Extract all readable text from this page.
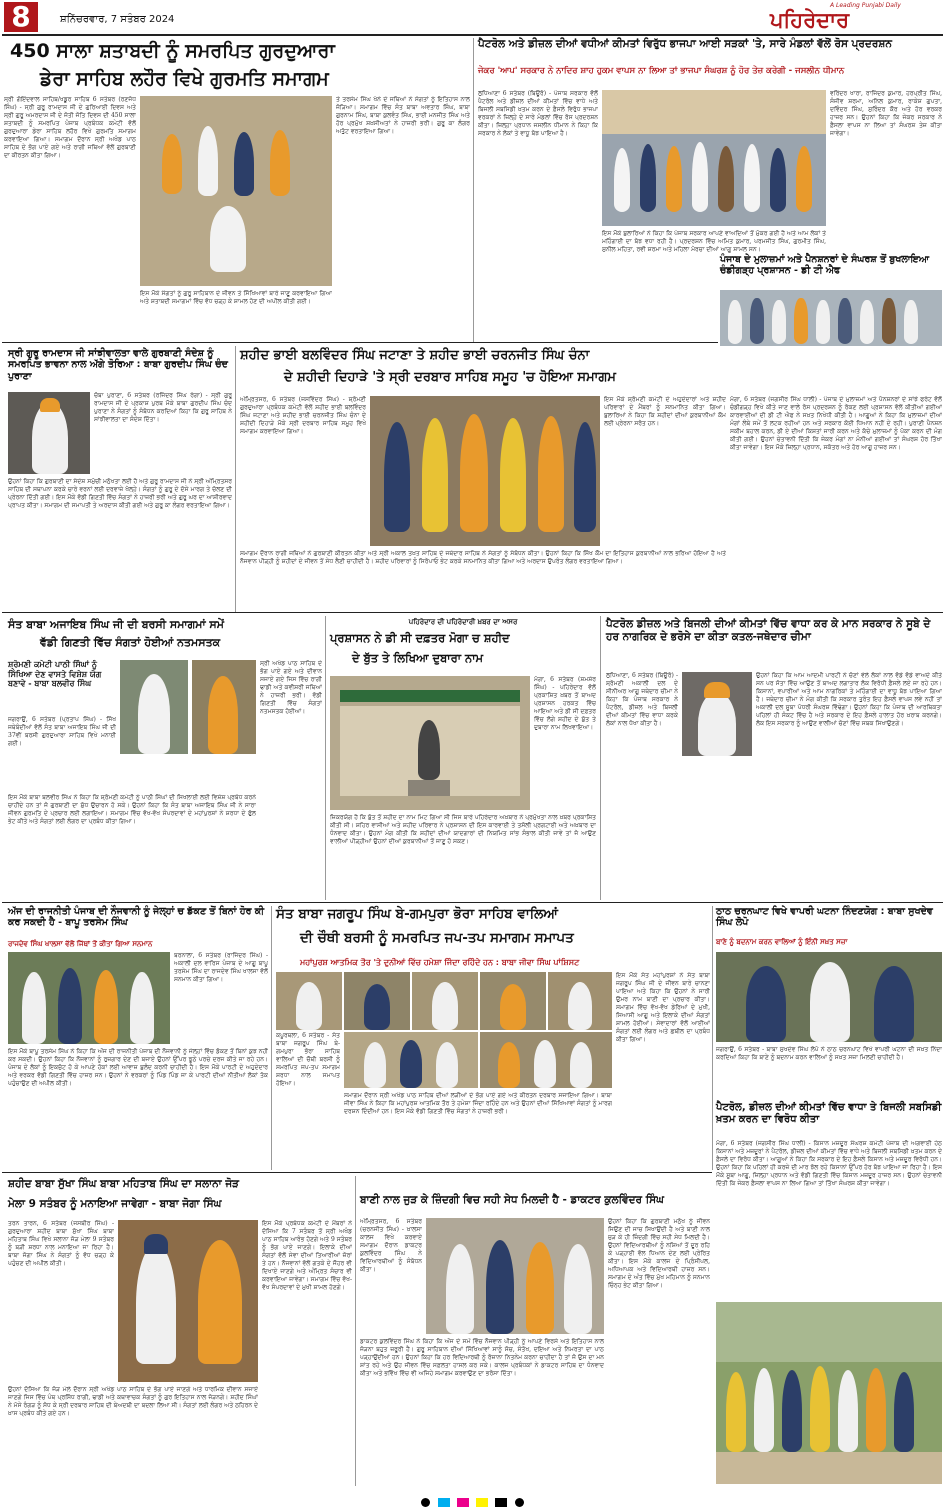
8	ਸ਼ਨਿੱਚਰਵਾਰ, 7 ਸਤੰਬਰ 2024
A Leading Punjabi Daily
ਪਹਿਰੇਦਾਰ
450 ਸਾਲਾ ਸ਼ਤਾਬਦੀ ਨੂੰ ਸਮਰਪਿਤ ਗੁਰਦੁਆਰਾ
ਡੇਰਾ ਸਾਹਿਬ ਲਹੌਰ ਵਿਖੇ ਗੁਰਮਤਿ ਸਮਾਗਮ
ਸ੍ਰੀ ਗੋਇੰਦਵਾਲ ਸਾਹਿਬ/ਖਡੂਰ ਸਾਹਿਬ 6 ਸਤੰਬਰ (ਰਣਜੋਧ ਸਿੰਘ) - ਸ੍ਰੀ ਗੁਰੂ ਰਾਮਦਾਸ ਜੀ ਦੇ ਗੁਰਿਆਈ ਦਿਵਸ ਅਤੇ ਸ੍ਰੀ ਗੁਰੂ ਅਮਰਦਾਸ ਜੀ ਦੇ ਜੋਤੀ ਜੋਤਿ ਦਿਵਸ ਦੀ 450 ਸਾਲਾ ਸ਼ਤਾਬਦੀ ਨੂੰ ਸਮਰਪਿਤ ਪੰਜਾਬ ਪ੍ਰਬੰਧਕ ਕਮੇਟੀ ਵੱਲੋਂ ਗੁਰਦੁਆਰਾ ਡੇਰਾ ਸਾਹਿਬ ਲਹੌਰ ਵਿਖੇ ਗੁਰਮਤਿ ਸਮਾਗਮ ਕਰਵਾਇਆ ਗਿਆ। ਸਮਾਗਮ ਦੌਰਾਨ ਸ੍ਰੀ ਅਖੰਡ ਪਾਠ ਸਾਹਿਬ ਦੇ ਭੋਗ ਪਾਏ ਗਏ ਅਤੇ ਰਾਗੀ ਜਥਿਆਂ ਵੱਲੋਂ ਗੁਰਬਾਣੀ ਦਾ ਕੀਰਤਨ ਕੀਤਾ ਗਿਆ।
ਤੇ ਤਰਸੇਮ ਸਿੰਘ ਖੰਨੇ ਦੇ ਜਥਿਆਂ ਨੇ ਸੰਗਤਾਂ ਨੂੰ ਇਤਿਹਾਸ ਨਾਲ ਜੋੜਿਆ। ਸਮਾਗਮ ਵਿੱਚ ਸੰਤ ਬਾਬਾ ਅਵਤਾਰ ਸਿੰਘ, ਬਾਬਾ ਗੁਰਨਾਮ ਸਿੰਘ, ਬਾਬਾ ਕੁਲਵੰਤ ਸਿੰਘ, ਭਾਈ ਮਨਜੀਤ ਸਿੰਘ ਅਤੇ ਹੋਰ ਪ੍ਰਮੁੱਖ ਸ਼ਖ਼ਸੀਅਤਾਂ ਨੇ ਹਾਜ਼ਰੀ ਭਰੀ। ਗੁਰੂ ਕਾ ਲੰਗਰ ਅਤੁੱਟ ਵਰਤਾਇਆ ਗਿਆ।
ਇਸ ਮੌਕੇ ਸੰਗਤਾਂ ਨੂੰ ਗੁਰੂ ਸਾਹਿਬਾਨ ਦੇ ਜੀਵਨ ਤੇ ਸਿੱਖਿਆਵਾਂ ਬਾਰੇ ਜਾਣੂ ਕਰਵਾਇਆ ਗਿਆ ਅਤੇ ਸ਼ਤਾਬਦੀ ਸਮਾਗਮਾਂ ਵਿੱਚ ਵੱਧ ਚੜ੍ਹ ਕੇ ਸ਼ਾਮਲ ਹੋਣ ਦੀ ਅਪੀਲ ਕੀਤੀ ਗਈ।
ਪੈਟਰੋਲ ਅਤੇ ਡੀਜ਼ਲ ਦੀਆਂ ਵਧੀਆਂ ਕੀਮਤਾਂ ਵਿਰੁੱਧ ਭਾਜਪਾ ਆਈ ਸੜਕਾਂ 'ਤੇ, ਸਾਰੇ ਮੰਡਲਾਂ ਵੱਲੋਂ ਰੋਸ ਪ੍ਰਦਰਸ਼ਨ
ਜੇਕਰ 'ਆਪ' ਸਰਕਾਰ ਨੇ ਨਾਦਿਰ ਸ਼ਾਹ ਹੁਕਮ ਵਾਪਸ ਨਾ ਲਿਆ ਤਾਂ ਭਾਜਪਾ ਸੰਘਰਸ਼ ਨੂੰ ਹੋਰ ਤੇਜ਼ ਕਰੇਗੀ - ਜਸਲੀਨ ਧੀਮਾਨ
ਲੁਧਿਆਣਾ 6 ਸਤੰਬਰ (ਬਿਊਰੋ) - ਪੰਜਾਬ ਸਰਕਾਰ ਵੱਲੋਂ ਪੈਟਰੋਲ ਅਤੇ ਡੀਜ਼ਲ ਦੀਆਂ ਕੀਮਤਾਂ ਵਿੱਚ ਵਾਧੇ ਅਤੇ ਬਿਜਲੀ ਸਬਸਿਡੀ ਖ਼ਤਮ ਕਰਨ ਦੇ ਫ਼ੈਸਲੇ ਵਿਰੁੱਧ ਭਾਜਪਾ ਵਰਕਰਾਂ ਨੇ ਜ਼ਿਲ੍ਹੇ ਦੇ ਸਾਰੇ ਮੰਡਲਾਂ ਵਿੱਚ ਰੋਸ ਪ੍ਰਦਰਸ਼ਨ ਕੀਤਾ। ਜ਼ਿਲ੍ਹਾ ਪ੍ਰਧਾਨ ਜਸਲੀਨ ਧੀਮਾਨ ਨੇ ਕਿਹਾ ਕਿ ਸਰਕਾਰ ਨੇ ਲੋਕਾਂ ਤੇ ਵਾਧੂ ਬੋਝ ਪਾਇਆ ਹੈ।
ਵਰਿੰਦਰ ਖਾਰਾ, ਰਾਜਿੰਦਰ ਕੁਮਾਰ, ਹਰਪ੍ਰੀਤ ਸਿੰਘ, ਸੰਜੀਵ ਸ਼ਰਮਾ, ਅਨਿਲ ਕੁਮਾਰ, ਰਾਕੇਸ਼ ਗੁਪਤਾ, ਦਵਿੰਦਰ ਸਿੰਘ, ਸੁਰਿੰਦਰ ਕੌਰ ਅਤੇ ਹੋਰ ਵਰਕਰ ਹਾਜ਼ਰ ਸਨ। ਉਹਨਾਂ ਕਿਹਾ ਕਿ ਜੇਕਰ ਸਰਕਾਰ ਨੇ ਫ਼ੈਸਲਾ ਵਾਪਸ ਨਾ ਲਿਆ ਤਾਂ ਸੰਘਰਸ਼ ਤੇਜ਼ ਕੀਤਾ ਜਾਵੇਗਾ।
ਇਸ ਮੌਕੇ ਬੁਲਾਰਿਆਂ ਨੇ ਕਿਹਾ ਕਿ ਪੰਜਾਬ ਸਰਕਾਰ ਆਪਣੇ ਵਾਅਦਿਆਂ ਤੋਂ ਮੁੱਕਰ ਗਈ ਹੈ ਅਤੇ ਆਮ ਲੋਕਾਂ ਤੇ ਮਹਿੰਗਾਈ ਦਾ ਬੋਝ ਵਧਾ ਰਹੀ ਹੈ। ਪ੍ਰਦਰਸ਼ਨ ਵਿੱਚ ਅਮਿਤ ਕੁਮਾਰ, ਪਰਮਜੀਤ ਸਿੰਘ, ਗੁਰਮੀਤ ਸਿੰਘ, ਸੁਨੀਲ ਮਹਿਤਾ, ਰਵੀ ਸ਼ਰਮਾ ਅਤੇ ਮਹਿਲਾ ਮੋਰਚਾ ਦੀਆਂ ਆਗੂ ਸ਼ਾਮਲ ਸਨ।
ਪੰਜਾਬ ਦੇ ਮੁਲਾਜ਼ਮਾਂ ਅਤੇ ਪੈਨਸ਼ਨਰਾਂ ਦੇ ਸੰਘਰਸ਼ ਤੋਂ ਬੁਖਲਾਇਆ ਚੰਡੀਗੜ੍ਹ ਪ੍ਰਸ਼ਾਸਨ - ਡੀ ਟੀ ਐਫ
ਸ੍ਰੀ ਗੁਰੂ ਰਾਮਦਾਸ ਜੀ ਸਾਂਝੀਵਾਲਤਾ ਵਾਲੇ ਗੁਰਬਾਣੀ ਸੰਦੇਸ਼ ਨੂੰ ਸਮਰਪਿਤ ਭਾਵਨਾ ਨਾਲ ਅੱਗੇ ਤੋਰਿਆ : ਬਾਬਾ ਗੁਰਦੀਪ ਸਿੰਘ ਚੰਦ ਪੁਰਾਣਾ
ਚੱਬਾ ਪੁਰਾਣਾ, 6 ਸਤੰਬਰ (ਰਜਿੰਦਰ ਸਿੰਘ ਰੰਗਾ) - ਸ੍ਰੀ ਗੁਰੂ ਰਾਮਦਾਸ ਜੀ ਦੇ ਪ੍ਰਕਾਸ਼ ਪੁਰਬ ਮੌਕੇ ਬਾਬਾ ਗੁਰਦੀਪ ਸਿੰਘ ਚੰਦ ਪੁਰਾਣਾ ਨੇ ਸੰਗਤਾਂ ਨੂੰ ਸੰਬੋਧਨ ਕਰਦਿਆਂ ਕਿਹਾ ਕਿ ਗੁਰੂ ਸਾਹਿਬ ਨੇ ਸਾਂਝੀਵਾਲਤਾ ਦਾ ਸੰਦੇਸ਼ ਦਿੱਤਾ।
ਉਹਨਾਂ ਕਿਹਾ ਕਿ ਗੁਰਬਾਣੀ ਦਾ ਸੰਦੇਸ਼ ਸਮੁੱਚੀ ਮਨੁੱਖਤਾ ਲਈ ਹੈ ਅਤੇ ਗੁਰੂ ਰਾਮਦਾਸ ਜੀ ਨੇ ਸ੍ਰੀ ਅੰਮ੍ਰਿਤਸਰ ਸਾਹਿਬ ਦੀ ਸਥਾਪਨਾ ਕਰਕੇ ਚਾਰੇ ਵਰਨਾਂ ਲਈ ਦਰਵਾਜ਼ੇ ਖੋਲ੍ਹੇ। ਸੰਗਤਾਂ ਨੂੰ ਗੁਰੂ ਦੇ ਦੱਸੇ ਮਾਰਗ ਤੇ ਚੱਲਣ ਦੀ ਪ੍ਰੇਰਨਾ ਦਿੱਤੀ ਗਈ। ਇਸ ਮੌਕੇ ਵੱਡੀ ਗਿਣਤੀ ਵਿੱਚ ਸੰਗਤਾਂ ਨੇ ਹਾਜ਼ਰੀ ਭਰੀ ਅਤੇ ਗੁਰੂ ਘਰ ਦਾ ਆਸ਼ੀਰਵਾਦ ਪ੍ਰਾਪਤ ਕੀਤਾ। ਸਮਾਗਮ ਦੀ ਸਮਾਪਤੀ ਤੇ ਅਰਦਾਸ ਕੀਤੀ ਗਈ ਅਤੇ ਗੁਰੂ ਕਾ ਲੰਗਰ ਵਰਤਾਇਆ ਗਿਆ।
ਸ਼ਹੀਦ ਭਾਈ ਬਲਵਿੰਦਰ ਸਿੰਘ ਜਟਾਣਾ ਤੇ ਸ਼ਹੀਦ ਭਾਈ ਚਰਨਜੀਤ ਸਿੰਘ ਚੰਨਾ
ਦੇ ਸ਼ਹੀਦੀ ਦਿਹਾੜੇ 'ਤੇ ਸ੍ਰੀ ਦਰਬਾਰ ਸਾਹਿਬ ਸਮੂਹ 'ਚ ਹੋਇਆ ਸਮਾਗਮ
ਅੰਮ੍ਰਿਤਸਰ, 6 ਸਤੰਬਰ (ਜਸਵਿੰਦਰ ਸਿੰਘ) - ਸ਼੍ਰੋਮਣੀ ਗੁਰਦੁਆਰਾ ਪ੍ਰਬੰਧਕ ਕਮੇਟੀ ਵੱਲੋਂ ਸ਼ਹੀਦ ਭਾਈ ਬਲਵਿੰਦਰ ਸਿੰਘ ਜਟਾਣਾ ਅਤੇ ਸ਼ਹੀਦ ਭਾਈ ਚਰਨਜੀਤ ਸਿੰਘ ਚੰਨਾ ਦੇ ਸ਼ਹੀਦੀ ਦਿਹਾੜੇ ਮੌਕੇ ਸ੍ਰੀ ਦਰਬਾਰ ਸਾਹਿਬ ਸਮੂਹ ਵਿਖੇ ਸਮਾਗਮ ਕਰਵਾਇਆ ਗਿਆ।
ਇਸ ਮੌਕੇ ਸ਼੍ਰੋਮਣੀ ਕਮੇਟੀ ਦੇ ਅਹੁਦੇਦਾਰਾਂ ਅਤੇ ਸ਼ਹੀਦ ਪਰਿਵਾਰਾਂ ਦੇ ਮੈਂਬਰਾਂ ਨੂੰ ਸਨਮਾਨਿਤ ਕੀਤਾ ਗਿਆ। ਬੁਲਾਰਿਆਂ ਨੇ ਕਿਹਾ ਕਿ ਸ਼ਹੀਦਾਂ ਦੀਆਂ ਕੁਰਬਾਨੀਆਂ ਕੌਮ ਲਈ ਪ੍ਰੇਰਨਾ ਸਰੋਤ ਹਨ।
ਮੋਗਾ, 6 ਸਤੰਬਰ (ਜਗਸੀਰ ਸਿੰਘ ਧਾਲੀ) - ਪੰਜਾਬ ਦੇ ਮੁਲਾਜ਼ਮਾਂ ਅਤੇ ਪੈਨਸ਼ਨਰਾਂ ਦੇ ਸਾਂਝੇ ਫਰੰਟ ਵੱਲੋਂ ਚੰਡੀਗੜ੍ਹ ਵਿਖੇ ਕੀਤੇ ਜਾਣ ਵਾਲੇ ਰੋਸ ਪ੍ਰਦਰਸ਼ਨ ਨੂੰ ਰੋਕਣ ਲਈ ਪ੍ਰਸ਼ਾਸਨ ਵੱਲੋਂ ਕੀਤੀਆਂ ਗਈਆਂ ਕਾਰਵਾਈਆਂ ਦੀ ਡੀ ਟੀ ਐਫ ਨੇ ਸਖ਼ਤ ਨਿਖੇਧੀ ਕੀਤੀ ਹੈ। ਆਗੂਆਂ ਨੇ ਕਿਹਾ ਕਿ ਮੁਲਾਜ਼ਮਾਂ ਦੀਆਂ ਮੰਗਾਂ ਲੰਬੇ ਸਮੇਂ ਤੋਂ ਲਟਕ ਰਹੀਆਂ ਹਨ ਅਤੇ ਸਰਕਾਰ ਕੋਈ ਧਿਆਨ ਨਹੀਂ ਦੇ ਰਹੀ। ਪੁਰਾਣੀ ਪੈਨਸ਼ਨ ਸਕੀਮ ਬਹਾਲ ਕਰਨ, ਡੀ ਏ ਦੀਆਂ ਕਿਸ਼ਤਾਂ ਜਾਰੀ ਕਰਨ ਅਤੇ ਕੱਚੇ ਮੁਲਾਜ਼ਮਾਂ ਨੂੰ ਪੱਕਾ ਕਰਨ ਦੀ ਮੰਗ ਕੀਤੀ ਗਈ। ਉਹਨਾਂ ਚੇਤਾਵਨੀ ਦਿੱਤੀ ਕਿ ਜੇਕਰ ਮੰਗਾਂ ਨਾ ਮੰਨੀਆਂ ਗਈਆਂ ਤਾਂ ਸੰਘਰਸ਼ ਹੋਰ ਤਿੱਖਾ ਕੀਤਾ ਜਾਵੇਗਾ। ਇਸ ਮੌਕੇ ਜ਼ਿਲ੍ਹਾ ਪ੍ਰਧਾਨ, ਸਕੱਤਰ ਅਤੇ ਹੋਰ ਆਗੂ ਹਾਜ਼ਰ ਸਨ।
ਸਮਾਗਮ ਦੌਰਾਨ ਰਾਗੀ ਜਥਿਆਂ ਨੇ ਗੁਰਬਾਣੀ ਕੀਰਤਨ ਕੀਤਾ ਅਤੇ ਸ੍ਰੀ ਅਕਾਲ ਤਖ਼ਤ ਸਾਹਿਬ ਦੇ ਜਥੇਦਾਰ ਸਾਹਿਬ ਨੇ ਸੰਗਤਾਂ ਨੂੰ ਸੰਬੋਧਨ ਕੀਤਾ। ਉਹਨਾਂ ਕਿਹਾ ਕਿ ਸਿੱਖ ਕੌਮ ਦਾ ਇਤਿਹਾਸ ਕੁਰਬਾਨੀਆਂ ਨਾਲ ਭਰਿਆ ਹੋਇਆ ਹੈ ਅਤੇ ਨੌਜਵਾਨ ਪੀੜ੍ਹੀ ਨੂੰ ਸ਼ਹੀਦਾਂ ਦੇ ਜੀਵਨ ਤੋਂ ਸੇਧ ਲੈਣੀ ਚਾਹੀਦੀ ਹੈ। ਸ਼ਹੀਦ ਪਰਿਵਾਰਾਂ ਨੂੰ ਸਿਰੋਪਾਓ ਭੇਟ ਕਰਕੇ ਸਨਮਾਨਿਤ ਕੀਤਾ ਗਿਆ ਅਤੇ ਅਰਦਾਸ ਉਪਰੰਤ ਲੰਗਰ ਵਰਤਾਇਆ ਗਿਆ।
ਸੰਤ ਬਾਬਾ ਅਜਾਇਬ ਸਿੰਘ ਜੀ ਦੀ ਬਰਸੀ ਸਮਾਗਮਾਂ ਸਮੇਂ
ਵੱਡੀ ਗਿਣਤੀ ਵਿੱਚ ਸੰਗਤਾਂ ਹੋਈਆਂ ਨਤਮਸਤਕ
ਸ਼੍ਰੋਮਣੀ ਕਮੇਟੀ ਪਾਠੀ ਸਿੰਘਾਂ ਨੂੰ ਸਿੱਖਿਆ ਦੇਣ ਵਾਸਤੇ ਵਿਸ਼ੇਸ਼ ਯੋਗ ਬਣਾਵੇ - ਬਾਬਾ ਬਲਵੀਰ ਸਿੰਘ
ਜਗਰਾਉਂ, 6 ਸਤੰਬਰ (ਪ੍ਰਤਾਪ ਸਿੰਘ) - ਸਿੱਖ ਜਥੇਬੰਦੀਆਂ ਵੱਲੋਂ ਸੰਤ ਬਾਬਾ ਅਜਾਇਬ ਸਿੰਘ ਜੀ ਦੀ 37ਵੀਂ ਬਰਸੀ ਗੁਰਦੁਆਰਾ ਸਾਹਿਬ ਵਿਖੇ ਮਨਾਈ ਗਈ।
ਸ੍ਰੀ ਅਖੰਡ ਪਾਠ ਸਾਹਿਬ ਦੇ ਭੋਗ ਪਾਏ ਗਏ ਅਤੇ ਦੀਵਾਨ ਸਜਾਏ ਗਏ ਜਿਸ ਵਿੱਚ ਰਾਗੀ ਢਾਡੀ ਅਤੇ ਕਵੀਸ਼ਰੀ ਜਥਿਆਂ ਨੇ ਹਾਜ਼ਰੀ ਭਰੀ। ਵੱਡੀ ਗਿਣਤੀ ਵਿੱਚ ਸੰਗਤਾਂ ਨਤਮਸਤਕ ਹੋਈਆਂ।
ਇਸ ਮੌਕੇ ਬਾਬਾ ਬਲਵੀਰ ਸਿੰਘ ਨੇ ਕਿਹਾ ਕਿ ਸ਼੍ਰੋਮਣੀ ਕਮੇਟੀ ਨੂੰ ਪਾਠੀ ਸਿੰਘਾਂ ਦੀ ਸਿਖਲਾਈ ਲਈ ਵਿਸ਼ੇਸ਼ ਪ੍ਰਬੰਧ ਕਰਨੇ ਚਾਹੀਦੇ ਹਨ ਤਾਂ ਜੋ ਗੁਰਬਾਣੀ ਦਾ ਸ਼ੁੱਧ ਉਚਾਰਨ ਹੋ ਸਕੇ। ਉਹਨਾਂ ਕਿਹਾ ਕਿ ਸੰਤ ਬਾਬਾ ਅਜਾਇਬ ਸਿੰਘ ਜੀ ਨੇ ਸਾਰਾ ਜੀਵਨ ਗੁਰਮਤਿ ਦੇ ਪ੍ਰਚਾਰ ਲਈ ਲਗਾਇਆ। ਸਮਾਗਮ ਵਿੱਚ ਵੱਖ-ਵੱਖ ਸੰਪਰਦਾਵਾਂ ਦੇ ਮਹਾਂਪੁਰਸ਼ਾਂ ਨੇ ਸ਼ਰਧਾ ਦੇ ਫੁੱਲ ਭੇਟ ਕੀਤੇ ਅਤੇ ਸੰਗਤਾਂ ਲਈ ਲੰਗਰ ਦਾ ਪ੍ਰਬੰਧ ਕੀਤਾ ਗਿਆ।
ਪਹਿਰੇਦਾਰ ਦੀ ਪਹਿਰੇਦਾਰੀ ਖ਼ਬਰ ਦਾ ਅਸਰ
ਪ੍ਰਸ਼ਾਸਨ ਨੇ ਡੀ ਸੀ ਦਫ਼ਤਰ ਮੋਗਾ ਚ ਸ਼ਹੀਦ
ਦੇ ਬੁੱਤ ਤੇ ਲਿਖਿਆ ਦੁਬਾਰਾ ਨਾਮ
ਮੋਗਾ, 6 ਸਤੰਬਰ (ਸ਼ਮਸ਼ੇਰ ਸਿੰਘ) - ਪਹਿਰੇਦਾਰ ਵੱਲੋਂ ਪ੍ਰਕਾਸ਼ਿਤ ਖ਼ਬਰ ਤੋਂ ਬਾਅਦ ਪ੍ਰਸ਼ਾਸਨ ਹਰਕਤ ਵਿੱਚ ਆਇਆ ਅਤੇ ਡੀ ਸੀ ਦਫ਼ਤਰ ਵਿੱਚ ਲੱਗੇ ਸ਼ਹੀਦ ਦੇ ਬੁੱਤ ਤੇ ਦੁਬਾਰਾ ਨਾਮ ਲਿਖਵਾਇਆ।
ਜ਼ਿਕਰਯੋਗ ਹੈ ਕਿ ਬੁੱਤ ਤੋਂ ਸ਼ਹੀਦ ਦਾ ਨਾਮ ਮਿਟ ਗਿਆ ਸੀ ਜਿਸ ਬਾਰੇ ਪਹਿਰੇਦਾਰ ਅਖ਼ਬਾਰ ਨੇ ਪ੍ਰਮੁੱਖਤਾ ਨਾਲ ਖ਼ਬਰ ਪ੍ਰਕਾਸ਼ਿਤ ਕੀਤੀ ਸੀ। ਸ਼ਹਿਰ ਵਾਸੀਆਂ ਅਤੇ ਸ਼ਹੀਦ ਪਰਿਵਾਰ ਨੇ ਪ੍ਰਸ਼ਾਸਨ ਦੀ ਇਸ ਕਾਰਵਾਈ ਤੇ ਤਸੱਲੀ ਪ੍ਰਗਟਾਈ ਅਤੇ ਅਖ਼ਬਾਰ ਦਾ ਧੰਨਵਾਦ ਕੀਤਾ। ਉਹਨਾਂ ਮੰਗ ਕੀਤੀ ਕਿ ਸ਼ਹੀਦਾਂ ਦੀਆਂ ਯਾਦਗਾਰਾਂ ਦੀ ਨਿਯਮਿਤ ਸਾਂਭ ਸੰਭਾਲ ਕੀਤੀ ਜਾਵੇ ਤਾਂ ਜੋ ਆਉਣ ਵਾਲੀਆਂ ਪੀੜ੍ਹੀਆਂ ਉਹਨਾਂ ਦੀਆਂ ਕੁਰਬਾਨੀਆਂ ਤੋਂ ਜਾਣੂ ਹੋ ਸਕਣ।
ਪੈਟਰੋਲ ਡੀਜ਼ਲ ਅਤੇ ਬਿਜਲੀ ਦੀਆਂ ਕੀਮਤਾਂ ਵਿੱਚ ਵਾਧਾ ਕਰ ਕੇ ਮਾਨ ਸਰਕਾਰ ਨੇ ਸੂਬੇ ਦੇ ਹਰ ਨਾਗਰਿਕ ਦੇ ਭਰੋਸੇ ਦਾ ਕੀਤਾ ਕਤਲ-ਜਥੇਦਾਰ ਚੀਮਾ
ਲੁਧਿਆਣਾ, 6 ਸਤੰਬਰ (ਬਿਊਰੋ) - ਸ਼੍ਰੋਮਣੀ ਅਕਾਲੀ ਦਲ ਦੇ ਸੀਨੀਅਰ ਆਗੂ ਜਥੇਦਾਰ ਚੀਮਾ ਨੇ ਕਿਹਾ ਕਿ ਪੰਜਾਬ ਸਰਕਾਰ ਨੇ ਪੈਟਰੋਲ, ਡੀਜ਼ਲ ਅਤੇ ਬਿਜਲੀ ਦੀਆਂ ਕੀਮਤਾਂ ਵਿੱਚ ਵਾਧਾ ਕਰਕੇ ਲੋਕਾਂ ਨਾਲ ਧੋਖਾ ਕੀਤਾ ਹੈ।
ਉਹਨਾਂ ਕਿਹਾ ਕਿ ਆਮ ਆਦਮੀ ਪਾਰਟੀ ਨੇ ਚੋਣਾਂ ਵੇਲੇ ਲੋਕਾਂ ਨਾਲ ਵੱਡੇ ਵੱਡੇ ਵਾਅਦੇ ਕੀਤੇ ਸਨ ਪਰ ਸੱਤਾ ਵਿੱਚ ਆਉਣ ਤੋਂ ਬਾਅਦ ਲਗਾਤਾਰ ਲੋਕ ਵਿਰੋਧੀ ਫ਼ੈਸਲੇ ਲਏ ਜਾ ਰਹੇ ਹਨ। ਕਿਸਾਨਾਂ, ਵਪਾਰੀਆਂ ਅਤੇ ਆਮ ਨਾਗਰਿਕਾਂ ਤੇ ਮਹਿੰਗਾਈ ਦਾ ਵਾਧੂ ਬੋਝ ਪਾਇਆ ਗਿਆ ਹੈ। ਜਥੇਦਾਰ ਚੀਮਾ ਨੇ ਮੰਗ ਕੀਤੀ ਕਿ ਸਰਕਾਰ ਤੁਰੰਤ ਇਹ ਫ਼ੈਸਲੇ ਵਾਪਸ ਲਵੇ ਨਹੀਂ ਤਾਂ ਅਕਾਲੀ ਦਲ ਸੂਬਾ ਪੱਧਰੀ ਸੰਘਰਸ਼ ਵਿੱਢੇਗਾ। ਉਹਨਾਂ ਕਿਹਾ ਕਿ ਪੰਜਾਬ ਦੀ ਆਰਥਿਕਤਾ ਪਹਿਲਾਂ ਹੀ ਸੰਕਟ ਵਿੱਚ ਹੈ ਅਤੇ ਸਰਕਾਰ ਦੇ ਇਹ ਫ਼ੈਸਲੇ ਹਾਲਾਤ ਹੋਰ ਖ਼ਰਾਬ ਕਰਨਗੇ। ਲੋਕ ਇਸ ਸਰਕਾਰ ਨੂੰ ਆਉਣ ਵਾਲੀਆਂ ਚੋਣਾਂ ਵਿੱਚ ਸਬਕ ਸਿਖਾਉਣਗੇ।
ਅੱਜ ਦੀ ਰਾਜਨੀਤੀ ਪੰਜਾਬ ਦੀ ਨੌਜਵਾਨੀ ਨੂੰ ਜੇਲ੍ਹਾਂ ਚ ਡੱਕਣ ਤੋਂ ਬਿਨਾਂ ਹੋਰ ਕੀ ਕਰ ਸਕਦੀ ਹੈ - ਬਾਪੂ ਤਰਸੇਮ ਸਿੰਘ
ਰਾਜਦੇਵ ਸਿੰਘ ਖਾਲਸਾ ਵੱਲੋਂ ਜਿੱਥਾਂ ਤੋਂ ਕੀਤਾ ਗਿਆ ਸਨਮਾਨ
ਬਰਨਾਲਾ, 6 ਸਤੰਬਰ (ਰਾਜਿੰਦਰ ਸਿੰਘ) - ਅਕਾਲੀ ਦਲ ਵਾਰਿਸ ਪੰਜਾਬ ਦੇ ਆਗੂ ਬਾਪੂ ਤਰਸੇਮ ਸਿੰਘ ਦਾ ਰਾਜਦੇਵ ਸਿੰਘ ਖਾਲਸਾ ਵੱਲੋਂ ਸਨਮਾਨ ਕੀਤਾ ਗਿਆ।
ਇਸ ਮੌਕੇ ਬਾਪੂ ਤਰਸੇਮ ਸਿੰਘ ਨੇ ਕਿਹਾ ਕਿ ਅੱਜ ਦੀ ਰਾਜਨੀਤੀ ਪੰਜਾਬ ਦੀ ਨੌਜਵਾਨੀ ਨੂੰ ਜੇਲ੍ਹਾਂ ਵਿੱਚ ਡੱਕਣ ਤੋਂ ਬਿਨਾਂ ਕੁਝ ਨਹੀਂ ਕਰ ਸਕਦੀ। ਉਹਨਾਂ ਕਿਹਾ ਕਿ ਨੌਜਵਾਨਾਂ ਨੂੰ ਰੁਜ਼ਗਾਰ ਦੇਣ ਦੀ ਬਜਾਏ ਉਹਨਾਂ ਉੱਪਰ ਝੂਠੇ ਪਰਚੇ ਦਰਜ ਕੀਤੇ ਜਾ ਰਹੇ ਹਨ। ਪੰਜਾਬ ਦੇ ਲੋਕਾਂ ਨੂੰ ਇਕਜੁੱਟ ਹੋ ਕੇ ਆਪਣੇ ਹੱਕਾਂ ਲਈ ਆਵਾਜ਼ ਬੁਲੰਦ ਕਰਨੀ ਚਾਹੀਦੀ ਹੈ। ਇਸ ਮੌਕੇ ਪਾਰਟੀ ਦੇ ਅਹੁਦੇਦਾਰ ਅਤੇ ਵਰਕਰ ਵੱਡੀ ਗਿਣਤੀ ਵਿੱਚ ਹਾਜ਼ਰ ਸਨ। ਉਹਨਾਂ ਨੇ ਵਰਕਰਾਂ ਨੂੰ ਪਿੰਡ ਪਿੰਡ ਜਾ ਕੇ ਪਾਰਟੀ ਦੀਆਂ ਨੀਤੀਆਂ ਲੋਕਾਂ ਤੱਕ ਪਹੁੰਚਾਉਣ ਦੀ ਅਪੀਲ ਕੀਤੀ।
ਸੰਤ ਬਾਬਾ ਜਗਰੂਪ ਸਿੰਘ ਬੇ-ਗਮਪੁਰਾ ਭੋਰਾ ਸਾਹਿਬ ਵਾਲਿਆਂ
ਦੀ ਚੌਥੀ ਬਰਸੀ ਨੂੰ ਸਮਰਪਿਤ ਜਪ-ਤਪ ਸਮਾਗਮ ਸਮਾਪਤ
ਮਹਾਂਪੁਰਸ਼ ਆਤਮਿਕ ਤੌਰ 'ਤੇ ਦੁਨੀਆਂ ਵਿੱਚ ਹਮੇਸ਼ਾ ਜਿੰਦਾ ਰਹਿੰਦੇ ਹਨ : ਬਾਬਾ ਜੀਵਾ ਸਿੰਘ ਪਾਂਸ਼ਿਸਟ
ਕਪੂਰਥਲਾ, 6 ਸਤੰਬਰ - ਸੰਤ ਬਾਬਾ ਜਗਰੂਪ ਸਿੰਘ ਬੇ-ਗਮਪੁਰਾ ਭੋਰਾ ਸਾਹਿਬ ਵਾਲਿਆਂ ਦੀ ਚੌਥੀ ਬਰਸੀ ਨੂੰ ਸਮਰਪਿਤ ਜਪ-ਤਪ ਸਮਾਗਮ ਸ਼ਰਧਾ ਨਾਲ ਸਮਾਪਤ ਹੋਇਆ।
ਸਮਾਗਮ ਦੌਰਾਨ ਸ੍ਰੀ ਅਖੰਡ ਪਾਠ ਸਾਹਿਬ ਦੀਆਂ ਲੜੀਆਂ ਦੇ ਭੋਗ ਪਾਏ ਗਏ ਅਤੇ ਕੀਰਤਨ ਦਰਬਾਰ ਸਜਾਇਆ ਗਿਆ। ਬਾਬਾ ਜੀਵਾ ਸਿੰਘ ਨੇ ਕਿਹਾ ਕਿ ਮਹਾਂਪੁਰਸ਼ ਆਤਮਿਕ ਤੌਰ ਤੇ ਹਮੇਸ਼ਾ ਜਿੰਦਾ ਰਹਿੰਦੇ ਹਨ ਅਤੇ ਉਹਨਾਂ ਦੀਆਂ ਸਿੱਖਿਆਵਾਂ ਸੰਗਤਾਂ ਨੂੰ ਮਾਰਗ ਦਰਸ਼ਨ ਦਿੰਦੀਆਂ ਹਨ। ਇਸ ਮੌਕੇ ਵੱਡੀ ਗਿਣਤੀ ਵਿੱਚ ਸੰਗਤਾਂ ਨੇ ਹਾਜ਼ਰੀ ਭਰੀ।
ਇਸ ਮੌਕੇ ਸੰਤ ਮਹਾਂਪੁਰਸ਼ਾਂ ਨੇ ਸੰਤ ਬਾਬਾ ਜਗਰੂਪ ਸਿੰਘ ਜੀ ਦੇ ਜੀਵਨ ਬਾਰੇ ਚਾਨਣਾ ਪਾਇਆ ਅਤੇ ਕਿਹਾ ਕਿ ਉਹਨਾਂ ਨੇ ਸਾਰੀ ਉਮਰ ਨਾਮ ਬਾਣੀ ਦਾ ਪ੍ਰਚਾਰ ਕੀਤਾ। ਸਮਾਗਮ ਵਿੱਚ ਵੱਖ-ਵੱਖ ਡੇਰਿਆਂ ਦੇ ਮੁਖੀ, ਸਿਆਸੀ ਆਗੂ ਅਤੇ ਇਲਾਕੇ ਦੀਆਂ ਸੰਗਤਾਂ ਸ਼ਾਮਲ ਹੋਈਆਂ। ਸੇਵਾਦਾਰਾਂ ਵੱਲੋਂ ਆਈਆਂ ਸੰਗਤਾਂ ਲਈ ਲੰਗਰ ਅਤੇ ਛਬੀਲ ਦਾ ਪ੍ਰਬੰਧ ਕੀਤਾ ਗਿਆ।
ਠਾਠ ਚਰਨਘਾਟ ਵਿਖੇ ਵਾਪਰੀ ਘਟਨਾ ਨਿੰਦਣਯੋਗ : ਬਾਬਾ ਸੁਖਦੇਵ ਸਿੰਘ ਲੋਪੋ
ਬਾਣੇ ਨੂੰ ਬਦਨਾਮ ਕਰਨ ਵਾਲਿਆਂ ਨੂੰ ਇੰਨੀ ਸਖ਼ਤ ਸਜ਼ਾ
ਜਗਰਾਉਂ, 6 ਸਤੰਬਰ - ਬਾਬਾ ਸੁਖਦੇਵ ਸਿੰਘ ਲੋਪੋ ਨੇ ਠਾਠ ਚਰਨਘਾਟ ਵਿਖੇ ਵਾਪਰੀ ਘਟਨਾ ਦੀ ਸਖ਼ਤ ਨਿੰਦਾ ਕਰਦਿਆਂ ਕਿਹਾ ਕਿ ਬਾਣੇ ਨੂੰ ਬਦਨਾਮ ਕਰਨ ਵਾਲਿਆਂ ਨੂੰ ਸਖ਼ਤ ਸਜ਼ਾ ਮਿਲਣੀ ਚਾਹੀਦੀ ਹੈ।
ਪੈਟਰੋਲ, ਡੀਜ਼ਲ ਦੀਆਂ ਕੀਮਤਾਂ ਵਿੱਚ ਵਾਧਾ ਤੇ ਬਿਜਲੀ ਸਬਸਿਡੀ ਖ਼ਤਮ ਕਰਨ ਦਾ ਵਿਰੋਧ ਕੀਤਾ
ਮੋਗਾ, 6 ਸਤੰਬਰ (ਜਗਸੀਰ ਸਿੰਘ ਧਾਲੀ) - ਕਿਸਾਨ ਮਜ਼ਦੂਰ ਸੰਘਰਸ਼ ਕਮੇਟੀ ਪੰਜਾਬ ਦੀ ਅਗਵਾਈ ਹੇਠ ਕਿਸਾਨਾਂ ਅਤੇ ਮਜ਼ਦੂਰਾਂ ਨੇ ਪੈਟਰੋਲ, ਡੀਜ਼ਲ ਦੀਆਂ ਕੀਮਤਾਂ ਵਿੱਚ ਵਾਧੇ ਅਤੇ ਬਿਜਲੀ ਸਬਸਿਡੀ ਖ਼ਤਮ ਕਰਨ ਦੇ ਫ਼ੈਸਲੇ ਦਾ ਵਿਰੋਧ ਕੀਤਾ। ਆਗੂਆਂ ਨੇ ਕਿਹਾ ਕਿ ਸਰਕਾਰ ਦੇ ਇਹ ਫ਼ੈਸਲੇ ਕਿਸਾਨ ਅਤੇ ਮਜ਼ਦੂਰ ਵਿਰੋਧੀ ਹਨ। ਉਹਨਾਂ ਕਿਹਾ ਕਿ ਪਹਿਲਾਂ ਹੀ ਕਰਜ਼ੇ ਦੀ ਮਾਰ ਝੱਲ ਰਹੇ ਕਿਸਾਨਾਂ ਉੱਪਰ ਹੋਰ ਬੋਝ ਪਾਇਆ ਜਾ ਰਿਹਾ ਹੈ। ਇਸ ਮੌਕੇ ਸੂਬਾ ਆਗੂ, ਜ਼ਿਲ੍ਹਾ ਪ੍ਰਧਾਨ ਅਤੇ ਵੱਡੀ ਗਿਣਤੀ ਵਿੱਚ ਕਿਸਾਨ ਮਜ਼ਦੂਰ ਹਾਜ਼ਰ ਸਨ। ਉਹਨਾਂ ਚੇਤਾਵਨੀ ਦਿੱਤੀ ਕਿ ਜੇਕਰ ਫ਼ੈਸਲਾ ਵਾਪਸ ਨਾ ਲਿਆ ਗਿਆ ਤਾਂ ਤਿੱਖਾ ਸੰਘਰਸ਼ ਕੀਤਾ ਜਾਵੇਗਾ।
ਸ਼ਹੀਦ ਬਾਬਾ ਸੁੱਖਾ ਸਿੰਘ ਬਾਬਾ ਮਹਿਤਾਬ ਸਿੰਘ ਦਾ ਸਲਾਨਾ ਜੋੜ
ਮੇਲਾ 9 ਸਤੰਬਰ ਨੂੰ ਮਨਾਇਆ ਜਾਵੇਗਾ - ਬਾਬਾ ਜੋਗਾ ਸਿੰਘ
ਤਰਨ ਤਾਰਨ, 6 ਸਤੰਬਰ (ਜਸਬੀਰ ਸਿੰਘ) - ਗੁਰਦੁਆਰਾ ਸ਼ਹੀਦ ਬਾਬਾ ਸੁੱਖਾ ਸਿੰਘ ਬਾਬਾ ਮਹਿਤਾਬ ਸਿੰਘ ਵਿਖੇ ਸਲਾਨਾ ਜੋੜ ਮੇਲਾ 9 ਸਤੰਬਰ ਨੂੰ ਬੜੀ ਸ਼ਰਧਾ ਨਾਲ ਮਨਾਇਆ ਜਾ ਰਿਹਾ ਹੈ। ਬਾਬਾ ਜੋਗਾ ਸਿੰਘ ਨੇ ਸੰਗਤਾਂ ਨੂੰ ਵੱਧ ਚੜ੍ਹ ਕੇ ਪਹੁੰਚਣ ਦੀ ਅਪੀਲ ਕੀਤੀ।
ਉਹਨਾਂ ਦੱਸਿਆ ਕਿ ਜੋੜ ਮੇਲੇ ਦੌਰਾਨ ਸ੍ਰੀ ਅਖੰਡ ਪਾਠ ਸਾਹਿਬ ਦੇ ਭੋਗ ਪਾਏ ਜਾਣਗੇ ਅਤੇ ਧਾਰਮਿਕ ਦੀਵਾਨ ਸਜਾਏ ਜਾਣਗੇ ਜਿਸ ਵਿੱਚ ਪੰਥ ਪ੍ਰਸਿੱਧ ਰਾਗੀ, ਢਾਡੀ ਅਤੇ ਕਥਾਵਾਚਕ ਸੰਗਤਾਂ ਨੂੰ ਗੁਰ ਇਤਿਹਾਸ ਨਾਲ ਜੋੜਨਗੇ। ਸ਼ਹੀਦ ਸਿੰਘਾਂ ਨੇ ਮੱਸੇ ਰੰਗੜ ਨੂੰ ਸੋਧ ਕੇ ਸ੍ਰੀ ਦਰਬਾਰ ਸਾਹਿਬ ਦੀ ਬੇਅਦਬੀ ਦਾ ਬਦਲਾ ਲਿਆ ਸੀ। ਸੰਗਤਾਂ ਲਈ ਲੰਗਰ ਅਤੇ ਠਹਿਰਨ ਦੇ ਖ਼ਾਸ ਪ੍ਰਬੰਧ ਕੀਤੇ ਗਏ ਹਨ।
ਇਸ ਮੌਕੇ ਪ੍ਰਬੰਧਕ ਕਮੇਟੀ ਦੇ ਮੈਂਬਰਾਂ ਨੇ ਦੱਸਿਆ ਕਿ 7 ਸਤੰਬਰ ਤੋਂ ਸ੍ਰੀ ਅਖੰਡ ਪਾਠ ਸਾਹਿਬ ਆਰੰਭ ਹੋਣਗੇ ਅਤੇ 9 ਸਤੰਬਰ ਨੂੰ ਭੋਗ ਪਾਏ ਜਾਣਗੇ। ਇਲਾਕੇ ਦੀਆਂ ਸੰਗਤਾਂ ਵੱਲੋਂ ਸੇਵਾ ਦੀਆਂ ਤਿਆਰੀਆਂ ਜ਼ੋਰਾਂ ਤੇ ਹਨ। ਨੌਜਵਾਨਾਂ ਵੱਲੋਂ ਗਤਕੇ ਦੇ ਜੌਹਰ ਵੀ ਦਿਖਾਏ ਜਾਣਗੇ ਅਤੇ ਅੰਮ੍ਰਿਤ ਸੰਚਾਰ ਵੀ ਕਰਵਾਇਆ ਜਾਵੇਗਾ। ਸਮਾਗਮ ਵਿੱਚ ਵੱਖ-ਵੱਖ ਸੰਪਰਦਾਵਾਂ ਦੇ ਮੁਖੀ ਸ਼ਾਮਲ ਹੋਣਗੇ।
ਬਾਣੀ ਨਾਲ ਜੁੜ ਕੇ ਜ਼ਿੰਦਗੀ ਵਿਚ ਸਹੀ ਸੇਧ ਮਿਲਦੀ ਹੈ - ਡਾਕਟਰ ਕੁਲਵਿੰਦਰ ਸਿੰਘ
ਅੰਮ੍ਰਿਤਸਰ, 6 ਸਤੰਬਰ (ਚਰਨਜੀਤ ਸਿੰਘ) - ਖ਼ਾਲਸਾ ਕਾਲਜ ਵਿਖੇ ਕਰਵਾਏ ਸਮਾਗਮ ਦੌਰਾਨ ਡਾਕਟਰ ਕੁਲਵਿੰਦਰ ਸਿੰਘ ਨੇ ਵਿਦਿਆਰਥੀਆਂ ਨੂੰ ਸੰਬੋਧਨ ਕੀਤਾ।
ਉਹਨਾਂ ਕਿਹਾ ਕਿ ਗੁਰਬਾਣੀ ਮਨੁੱਖ ਨੂੰ ਜੀਵਨ ਜਿਉਣ ਦੀ ਜਾਚ ਸਿਖਾਉਂਦੀ ਹੈ ਅਤੇ ਬਾਣੀ ਨਾਲ ਜੁੜ ਕੇ ਹੀ ਜ਼ਿੰਦਗੀ ਵਿੱਚ ਸਹੀ ਸੇਧ ਮਿਲਦੀ ਹੈ। ਉਹਨਾਂ ਵਿਦਿਆਰਥੀਆਂ ਨੂੰ ਨਸ਼ਿਆਂ ਤੋਂ ਦੂਰ ਰਹਿ ਕੇ ਪੜ੍ਹਾਈ ਵੱਲ ਧਿਆਨ ਦੇਣ ਲਈ ਪ੍ਰੇਰਿਤ ਕੀਤਾ। ਇਸ ਮੌਕੇ ਕਾਲਜ ਦੇ ਪ੍ਰਿੰਸੀਪਲ, ਅਧਿਆਪਕ ਅਤੇ ਵਿਦਿਆਰਥੀ ਹਾਜ਼ਰ ਸਨ। ਸਮਾਗਮ ਦੇ ਅੰਤ ਵਿੱਚ ਮੁੱਖ ਮਹਿਮਾਨ ਨੂੰ ਸਨਮਾਨ ਚਿੰਨ੍ਹ ਭੇਟ ਕੀਤਾ ਗਿਆ।
ਡਾਕਟਰ ਕੁਲਵਿੰਦਰ ਸਿੰਘ ਨੇ ਕਿਹਾ ਕਿ ਅੱਜ ਦੇ ਸਮੇਂ ਵਿੱਚ ਨੌਜਵਾਨ ਪੀੜ੍ਹੀ ਨੂੰ ਆਪਣੇ ਵਿਰਸੇ ਅਤੇ ਇਤਿਹਾਸ ਨਾਲ ਜੋੜਨਾ ਬਹੁਤ ਜ਼ਰੂਰੀ ਹੈ। ਗੁਰੂ ਸਾਹਿਬਾਨ ਦੀਆਂ ਸਿੱਖਿਆਵਾਂ ਸਾਨੂੰ ਸੱਚ, ਸੰਤੋਖ, ਦਇਆ ਅਤੇ ਨਿਮਰਤਾ ਦਾ ਪਾਠ ਪੜ੍ਹਾਉਂਦੀਆਂ ਹਨ। ਉਹਨਾਂ ਕਿਹਾ ਕਿ ਹਰ ਵਿਦਿਆਰਥੀ ਨੂੰ ਰੋਜ਼ਾਨਾ ਨਿਤਨੇਮ ਕਰਨਾ ਚਾਹੀਦਾ ਹੈ ਤਾਂ ਜੋ ਉਸ ਦਾ ਮਨ ਸ਼ਾਂਤ ਰਹੇ ਅਤੇ ਉਹ ਜੀਵਨ ਵਿੱਚ ਸਫ਼ਲਤਾ ਹਾਸਲ ਕਰ ਸਕੇ। ਕਾਲਜ ਪ੍ਰਬੰਧਕਾਂ ਨੇ ਡਾਕਟਰ ਸਾਹਿਬ ਦਾ ਧੰਨਵਾਦ ਕੀਤਾ ਅਤੇ ਭਵਿੱਖ ਵਿੱਚ ਵੀ ਅਜਿਹੇ ਸਮਾਗਮ ਕਰਵਾਉਣ ਦਾ ਭਰੋਸਾ ਦਿੱਤਾ।
